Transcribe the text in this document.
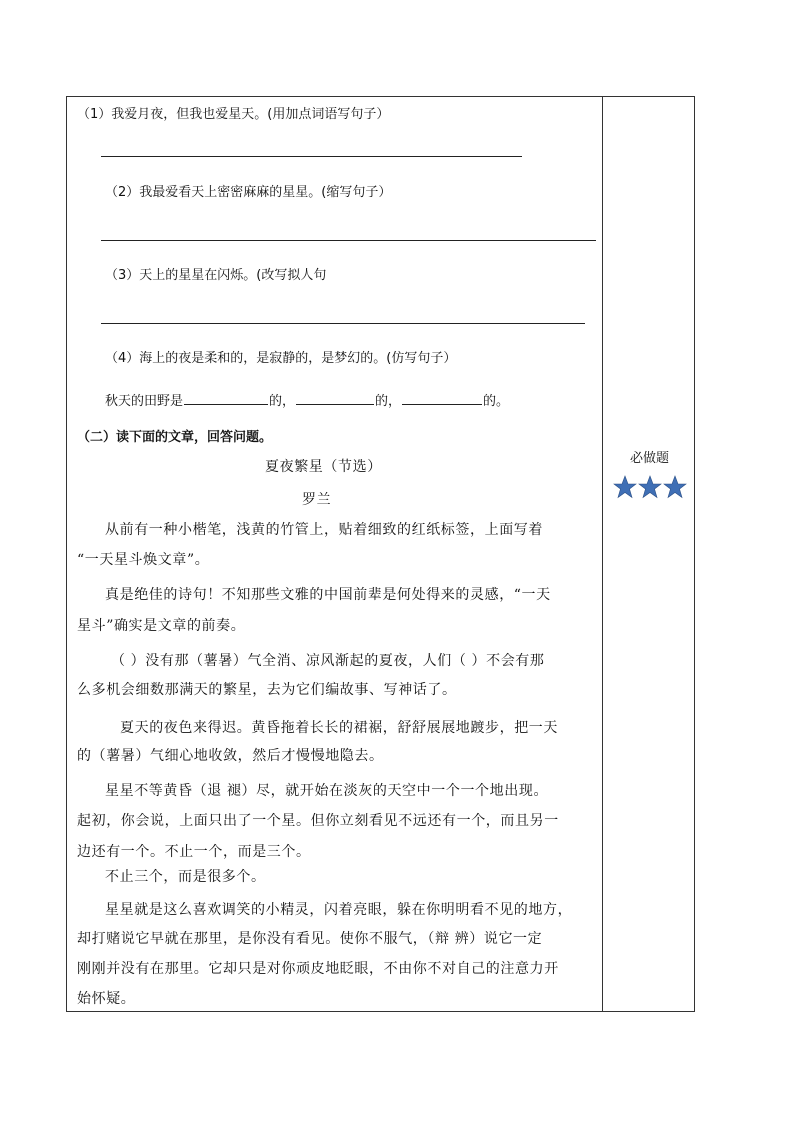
（1）我爱月夜，但我也爱星天。(用加点词语写句子）
（2）我最爱看天上密密麻麻的星星。(缩写句子）
（3）天上的星星在闪烁。(改写拟人句
（4）海上的夜是柔和的，是寂静的，是梦幻的。(仿写句子）
秋天的田野是	的，	的，	的。
（二）读下面的文章，回答问题。
夏夜繁星（节选）
罗兰
从前有一种小楷笔，浅黄的竹管上，贴着细致的红纸标签，上面写着
“一天星斗焕文章”。
真是绝佳的诗句！不知那些文雅的中国前辈是何处得来的灵感，“一天
星斗”确实是文章的前奏。
（ ）没有那（薯暑）气全消、凉风渐起的夏夜，人们（ ）不会有那
么多机会细数那满天的繁星，去为它们编故事、写神话了。
夏天的夜色来得迟。黄昏拖着长长的裙裾，舒舒展展地踱步，把一天
的（薯暑）气细心地收敛，然后才慢慢地隐去。
星星不等黄昏（退 褪）尽，就开始在淡灰的天空中一个一个地出现。
起初，你会说，上面只出了一个星。但你立刻看见不远还有一个，而且另一
边还有一个。不止一个，而是三个。
不止三个，而是很多个。
星星就是这么喜欢调笑的小精灵，闪着亮眼，躲在你明明看不见的地方，
却打赌说它早就在那里，是你没有看见。使你不服气，（辩 辨）说它一定
刚刚并没有在那里。它却只是对你顽皮地眨眼，不由你不对自己的注意力开
始怀疑。
必做题
